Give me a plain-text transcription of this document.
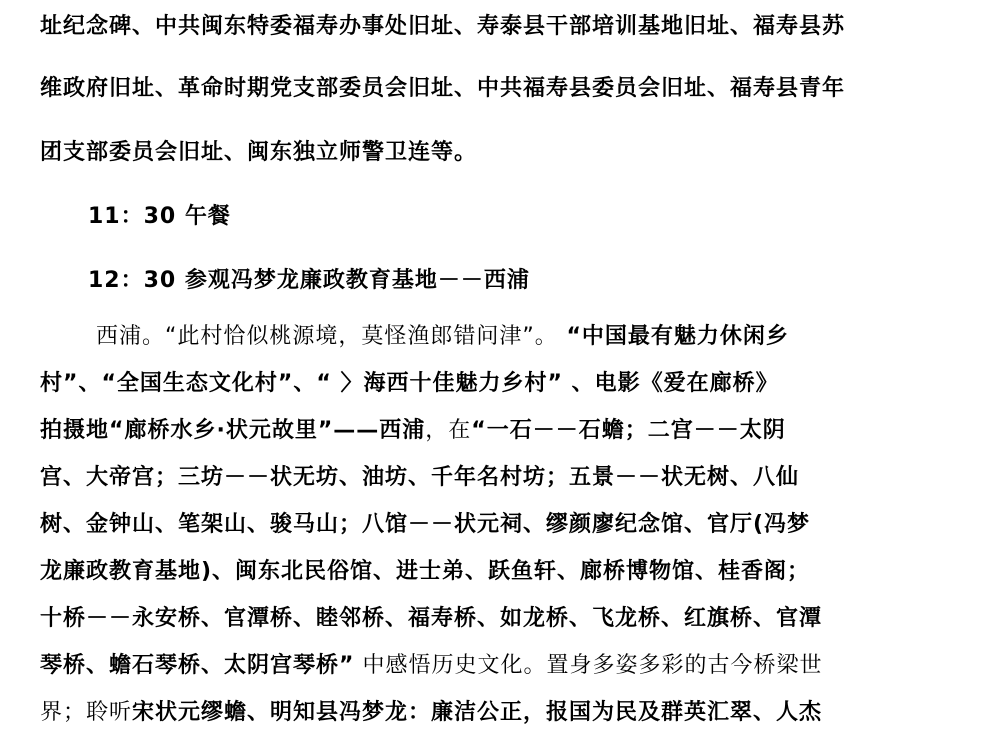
址纪念碑、中共闽东特委福寿办事处旧址、寿泰县干部培训基地旧址、福寿县苏
维政府旧址、革命时期党支部委员会旧址、中共福寿县委员会旧址、福寿县青年
团支部委员会旧址、闽东独立师警卫连等。
11：30 午餐
12：30 参观冯梦龙廉政教育基地－－西浦
西浦。“此村恰似桃源境，莫怪渔郎错问津”。 “中国最有魅力休闲乡
村”、“全国生态文化村”、“ 〉海西十佳魅力乡村” 、电影《爱在廊桥》
拍摄地“廊桥水乡·状元故里”——西浦，在“一石－－石蟾；二宫－－太阴
宫、大帝宫；三坊－－状无坊、油坊、千年名村坊；五景－－状无树、八仙
树、金钟山、笔架山、骏马山；八馆－－状元祠、缪颜廖纪念馆、官厅(冯梦
龙廉政教育基地)、闽东北民俗馆、进士弟、跃鱼轩、廊桥博物馆、桂香阁；
十桥－－永安桥、官潭桥、睦邻桥、福寿桥、如龙桥、飞龙桥、红旗桥、官潭
琴桥、蟾石琴桥、太阴宫琴桥” 中感悟历史文化。置身多姿多彩的古今桥梁世
界；聆听宋状元缪蟾、明知县冯梦龙：廉洁公正，报国为民及群英汇翠、人杰
